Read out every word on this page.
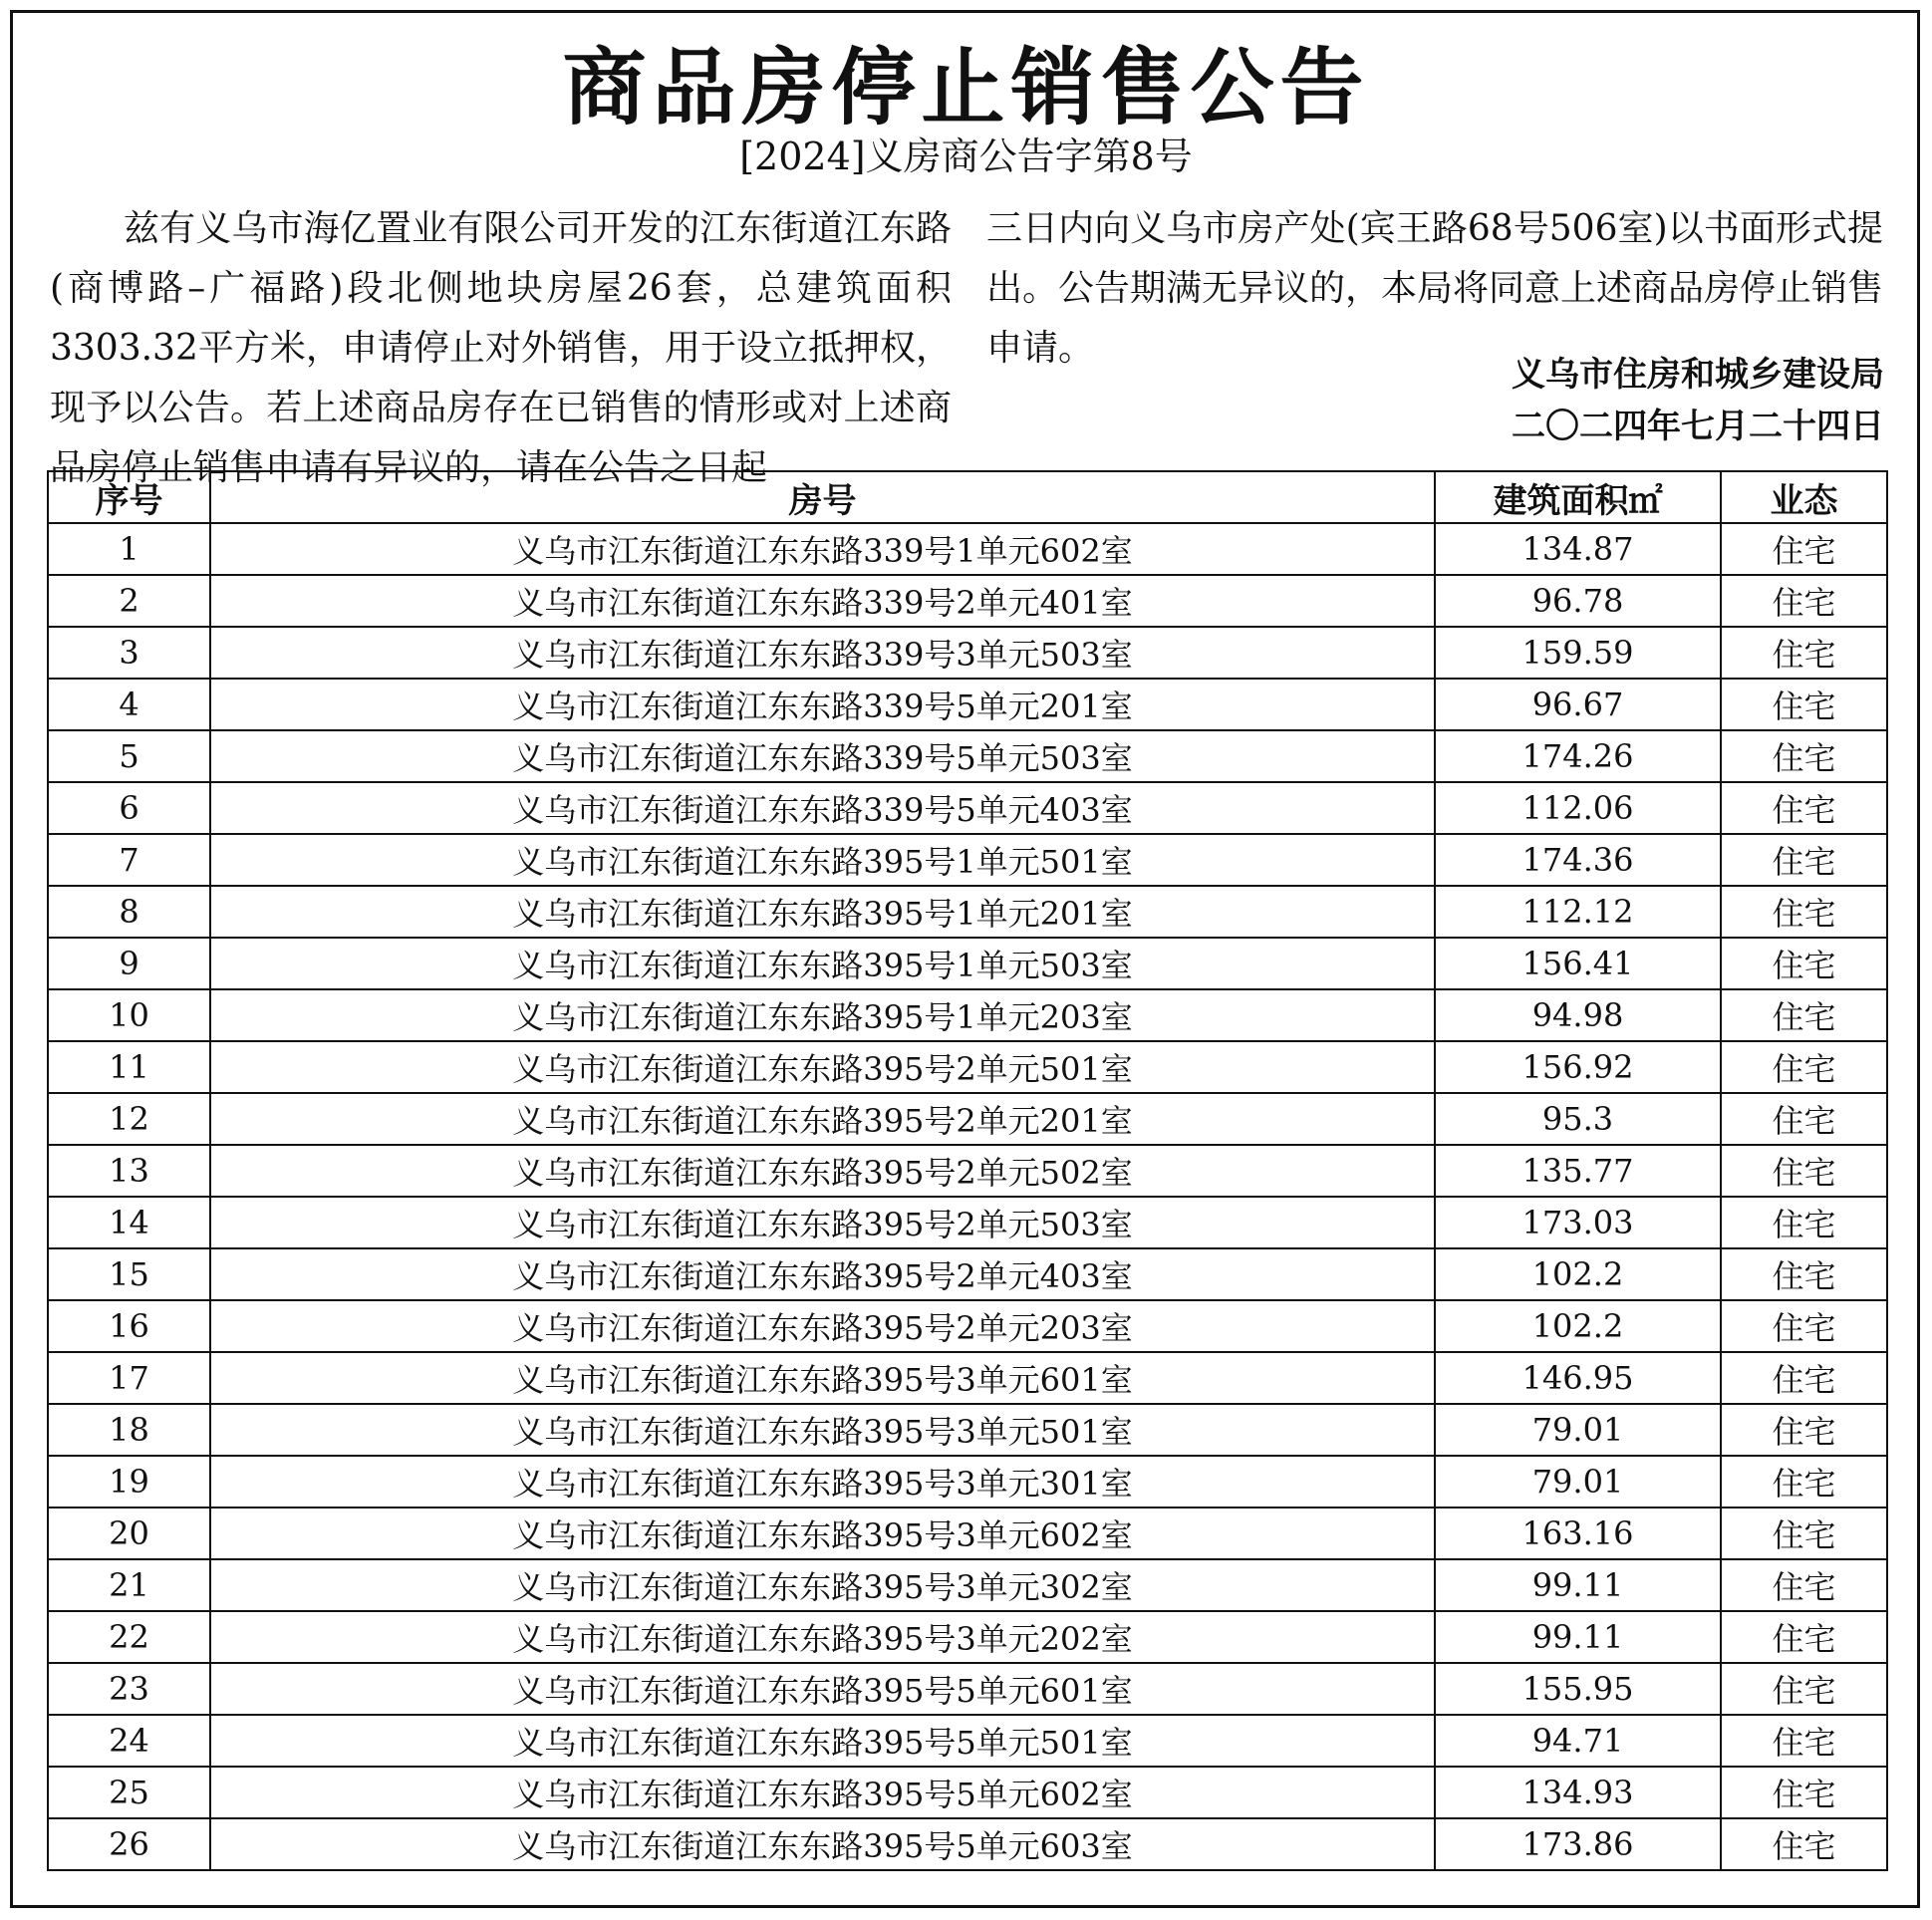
商品房停止销售公告
[2024]义房商公告字第8号
兹有义乌市海亿置业有限公司开发的江东街道江东路(商博路–广福路)段北侧地块房屋26套，总建筑面积3303.32平方米，申请停止对外销售，用于设立抵押权，现予以公告。若上述商品房存在已销售的情形或对上述商品房停止销售申请有异议的，请在公告之日起
三日内向义乌市房产处(宾王路68号506室)以书面形式提出。公告期满无异议的，本局将同意上述商品房停止销售申请。
义乌市住房和城乡建设局
二〇二四年七月二十四日
序号	房号	建筑面积㎡	业态
1	义乌市江东街道江东东路339号1单元602室	134.87	住宅
2	义乌市江东街道江东东路339号2单元401室	96.78	住宅
3	义乌市江东街道江东东路339号3单元503室	159.59	住宅
4	义乌市江东街道江东东路339号5单元201室	96.67	住宅
5	义乌市江东街道江东东路339号5单元503室	174.26	住宅
6	义乌市江东街道江东东路339号5单元403室	112.06	住宅
7	义乌市江东街道江东东路395号1单元501室	174.36	住宅
8	义乌市江东街道江东东路395号1单元201室	112.12	住宅
9	义乌市江东街道江东东路395号1单元503室	156.41	住宅
10	义乌市江东街道江东东路395号1单元203室	94.98	住宅
11	义乌市江东街道江东东路395号2单元501室	156.92	住宅
12	义乌市江东街道江东东路395号2单元201室	95.3	住宅
13	义乌市江东街道江东东路395号2单元502室	135.77	住宅
14	义乌市江东街道江东东路395号2单元503室	173.03	住宅
15	义乌市江东街道江东东路395号2单元403室	102.2	住宅
16	义乌市江东街道江东东路395号2单元203室	102.2	住宅
17	义乌市江东街道江东东路395号3单元601室	146.95	住宅
18	义乌市江东街道江东东路395号3单元501室	79.01	住宅
19	义乌市江东街道江东东路395号3单元301室	79.01	住宅
20	义乌市江东街道江东东路395号3单元602室	163.16	住宅
21	义乌市江东街道江东东路395号3单元302室	99.11	住宅
22	义乌市江东街道江东东路395号3单元202室	99.11	住宅
23	义乌市江东街道江东东路395号5单元601室	155.95	住宅
24	义乌市江东街道江东东路395号5单元501室	94.71	住宅
25	义乌市江东街道江东东路395号5单元602室	134.93	住宅
26	义乌市江东街道江东东路395号5单元603室	173.86	住宅
